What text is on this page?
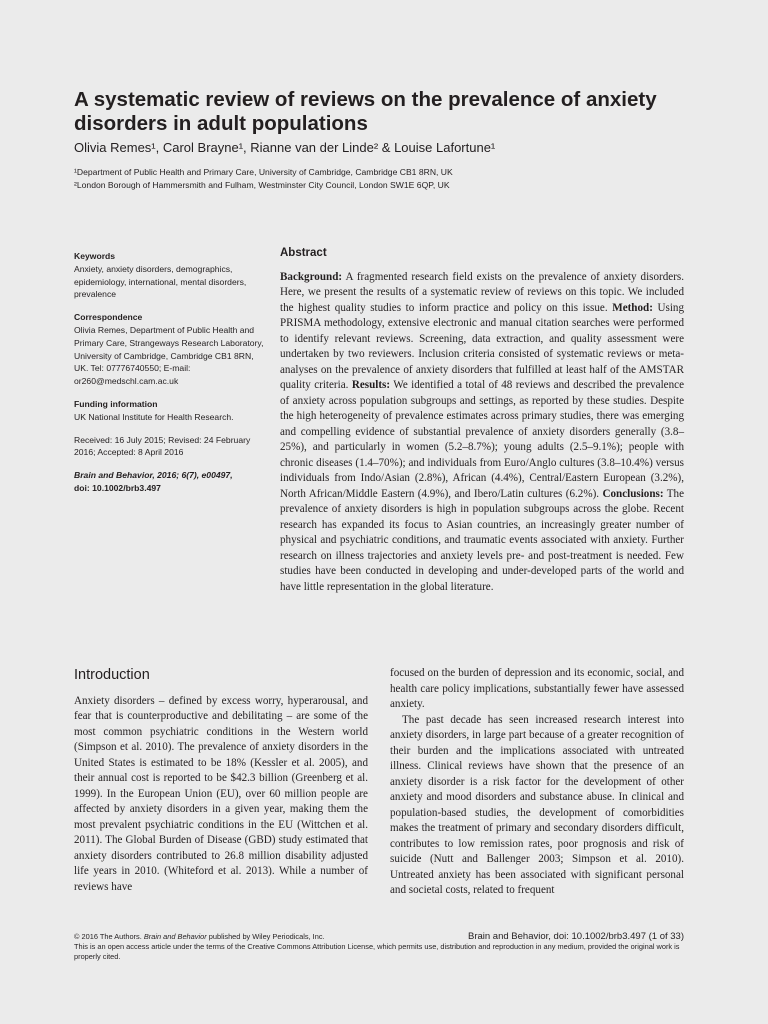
A systematic review of reviews on the prevalence of anxiety disorders in adult populations
Olivia Remes¹, Carol Brayne¹, Rianne van der Linde² & Louise Lafortune¹
¹Department of Public Health and Primary Care, University of Cambridge, Cambridge CB1 8RN, UK
²London Borough of Hammersmith and Fulham, Westminster City Council, London SW1E 6QP, UK
Keywords
Anxiety, anxiety disorders, demographics, epidemiology, international, mental disorders, prevalence
Correspondence
Olivia Remes, Department of Public Health and Primary Care, Strangeways Research Laboratory, University of Cambridge, Cambridge CB1 8RN, UK. Tel: 07776740550; E-mail: or260@medschl.cam.ac.uk
Funding information
UK National Institute for Health Research.
Received: 16 July 2015; Revised: 24 February 2016; Accepted: 8 April 2016
Brain and Behavior, 2016; 6(7), e00497,
doi: 10.1002/brb3.497
Abstract

Background: A fragmented research field exists on the prevalence of anxiety disorders. Here, we present the results of a systematic review of reviews on this topic. We included the highest quality studies to inform practice and policy on this issue. Method: Using PRISMA methodology, extensive electronic and manual citation searches were performed to identify relevant reviews. Screening, data extraction, and quality assessment were undertaken by two reviewers. Inclusion criteria consisted of systematic reviews or meta-analyses on the prevalence of anxiety disorders that fulfilled at least half of the AMSTAR quality criteria. Results: We identified a total of 48 reviews and described the prevalence of anxiety across population subgroups and settings, as reported by these studies. Despite the high heterogeneity of prevalence estimates across primary studies, there was emerging and compelling evidence of substantial prevalence of anxiety disorders generally (3.8–25%), and particularly in women (5.2–8.7%); young adults (2.5–9.1%); people with chronic diseases (1.4–70%); and individuals from Euro/Anglo cultures (3.8–10.4%) versus individuals from Indo/Asian (2.8%), African (4.4%), Central/Eastern European (3.2%), North African/Middle Eastern (4.9%), and Ibero/Latin cultures (6.2%). Conclusions: The prevalence of anxiety disorders is high in population subgroups across the globe. Recent research has expanded its focus to Asian countries, an increasingly greater number of physical and psychiatric conditions, and traumatic events associated with anxiety. Further research on illness trajectories and anxiety levels pre- and post-treatment is needed. Few studies have been conducted in developing and under-developed parts of the world and have little representation in the global literature.

Introduction

Anxiety disorders – defined by excess worry, hyperarousal, and fear that is counterproductive and debilitating – are some of the most common psychiatric conditions in the Western world (Simpson et al. 2010). The prevalence of anxiety disorders in the United States is estimated to be 18% (Kessler et al. 2005), and their annual cost is reported to be $42.3 billion (Greenberg et al. 1999). In the European Union (EU), over 60 million people are affected by anxiety disorders in a given year, making them the most prevalent psychiatric conditions in the EU (Wittchen et al. 2011). The Global Burden of Disease (GBD) study estimated that anxiety disorders contributed to 26.8 million disability adjusted life years in 2010. (Whiteford et al. 2013). While a number of reviews have

focused on the burden of depression and its economic, social, and health care policy implications, substantially fewer have assessed anxiety.

The past decade has seen increased research interest into anxiety disorders, in large part because of a greater recognition of their burden and the implications associated with untreated illness. Clinical reviews have shown that the presence of an anxiety disorder is a risk factor for the development of other anxiety and mood disorders and substance abuse. In clinical and population-based studies, the development of comorbidities makes the treatment of primary and secondary disorders difficult, contributes to low remission rates, poor prognosis and risk of suicide (Nutt and Ballenger 2003; Simpson et al. 2010). Untreated anxiety has been associated with significant personal and societal costs, related to frequent

© 2016 The Authors. Brain and Behavior published by Wiley Periodicals, Inc.	Brain and Behavior, doi: 10.1002/brb3.497 (1 of 33)
This is an open access article under the terms of the Creative Commons Attribution License, which permits use, distribution and reproduction in any medium, provided the original work is properly cited.
